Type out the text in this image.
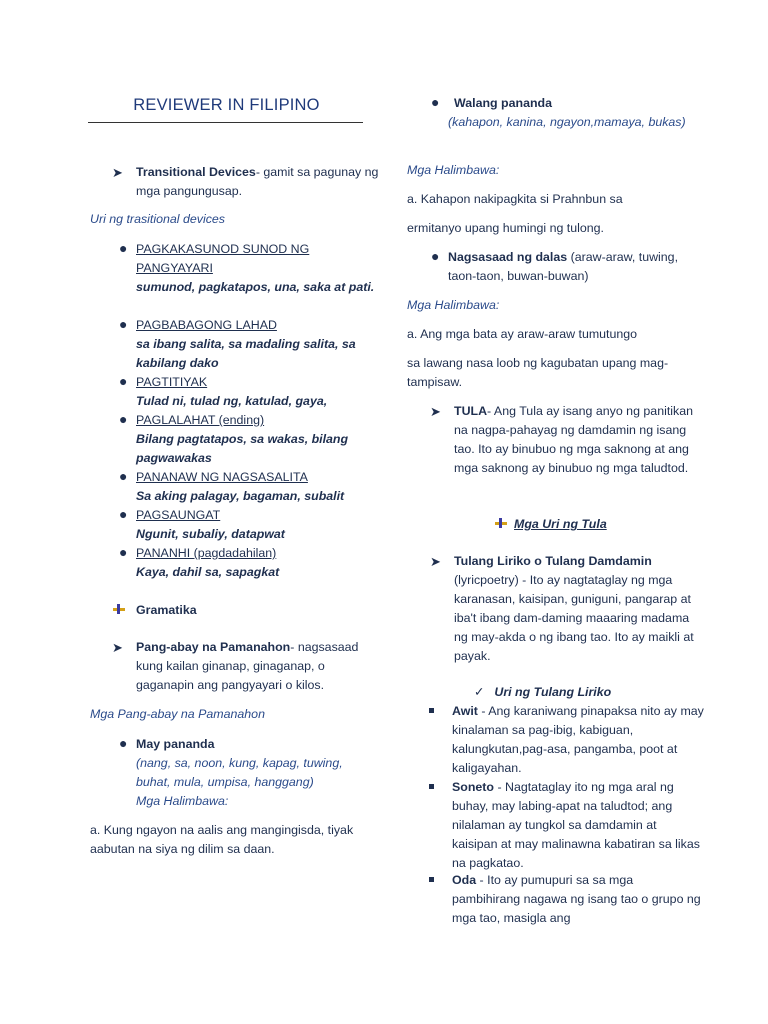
REVIEWER IN FILIPINO
➤ Transitional Devices- gamit sa pagunay ng mga pangungusap.
Uri ng trasitional devices
● PAGKAKASUNOD SUNOD NG PANGYAYARI
sumunod, pagkatapos, una, saka at pati.
● PAGBABAGONG LAHAD
sa ibang salita, sa madaling salita, sa kabilang dako
● PAGTITIYAK
Tulad ni, tulad ng, katulad, gaya,
● PAGLALAHAT (ending)
Bilang pagtatapos, sa wakas, bilang pagwawakas
● PANANAW NG NAGSASALITA
Sa aking palagay, bagaman, subalit
● PAGSAUNGAT
Ngunit, subaliy, datapwat
● PANANHI (pagdadahilan)
Kaya, dahil sa, sapagkat
Gramatika
➤ Pang-abay na Pamanahon- nagsasaad kung kailan ginanap, ginaganap, o gaganapin ang pangyayari o kilos.
Mga Pang-abay na Pamanahon
● May pananda
(nang, sa, noon, kung, kapag, tuwing, buhat, mula, umpisa, hanggang)
Mga Halimbawa:
a. Kung ngayon na aalis ang mangingisda, tiyak aabutan na siya ng dilim sa daan.
●	Walang pananda
(kahapon, kanina, ngayon,mamaya, bukas)
Mga Halimbawa:
a. Kahapon nakipagkita si Prahnbun sa
ermitanyo upang humingi ng tulong.
● Nagsasaad ng dalas (araw-araw, tuwing, taon-taon, buwan-buwan)
Mga Halimbawa:
a. Ang mga bata ay araw-araw tumutungo
sa lawang nasa loob ng kagubatan upang mag-tampisaw.
➤ TULA- Ang Tula ay isang anyo ng panitikan na nagpa-pahayag ng damdamin ng isang tao. Ito ay binubuo ng mga saknong at ang mga saknong ay binubuo ng mga taludtod.
Mga Uri ng Tula
➤ Tulang Liriko o Tulang Damdamin
(lyricpoetry) - Ito ay nagtataglay ng mga karanasan, kaisipan, guniguni, pangarap at iba't ibang dam-daming maaaring madama ng may-akda o ng ibang tao. Ito ay maikli at payak.
✓ Uri ng Tulang Liriko
Awit - Ang karaniwang pinapaksa nito ay may kinalaman sa pag-ibig, kabiguan, kalungkutan,pag-asa, pangamba, poot at kaligayahan.
Soneto - Nagtataglay ito ng mga aral ng buhay, may labing-apat na taludtod; ang nilalaman ay tungkol sa damdamin at kaisipan at may malinawna kabatiran sa likas na pagkatao.
Oda - Ito ay pumupuri sa sa mga pambihirang nagawa ng isang tao o grupo ng mga tao, masigla ang
